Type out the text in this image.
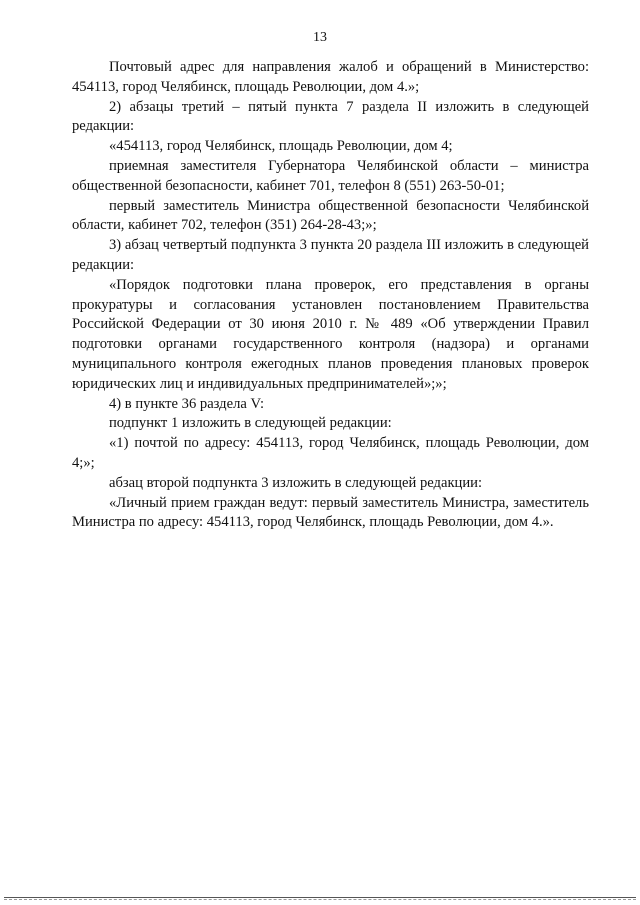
13

Почтовый адрес для направления жалоб и обращений в Министерство: 454113, город Челябинск, площадь Революции, дом 4.»;

2) абзацы третий – пятый пункта 7 раздела II изложить в следующей редакции:

«454113, город Челябинск, площадь Революции, дом 4;

приемная заместителя Губернатора Челябинской области – министра общественной безопасности, кабинет 701, телефон 8 (551) 263-50-01;

первый заместитель Министра общественной безопасности Челябинской области, кабинет 702, телефон (351) 264-28-43;»;

3) абзац четвертый подпункта 3 пункта 20 раздела III изложить в следующей редакции:

«Порядок подготовки плана проверок, его представления в органы прокуратуры и согласования установлен постановлением Правительства Российской Федерации от 30 июня 2010 г. № 489 «Об утверждении Правил подготовки органами государственного контроля (надзора) и органами муниципального контроля ежегодных планов проведения плановых проверок юридических лиц и индивидуальных предпринимателей»;»;

4) в пункте 36 раздела V:

подпункт 1 изложить в следующей редакции:

«1) почтой по адресу: 454113, город Челябинск, площадь Революции, дом 4;»;

абзац второй подпункта 3 изложить в следующей редакции:

«Личный прием граждан ведут: первый заместитель Министра, заместитель Министра по адресу: 454113, город Челябинск, площадь Революции, дом 4.».
